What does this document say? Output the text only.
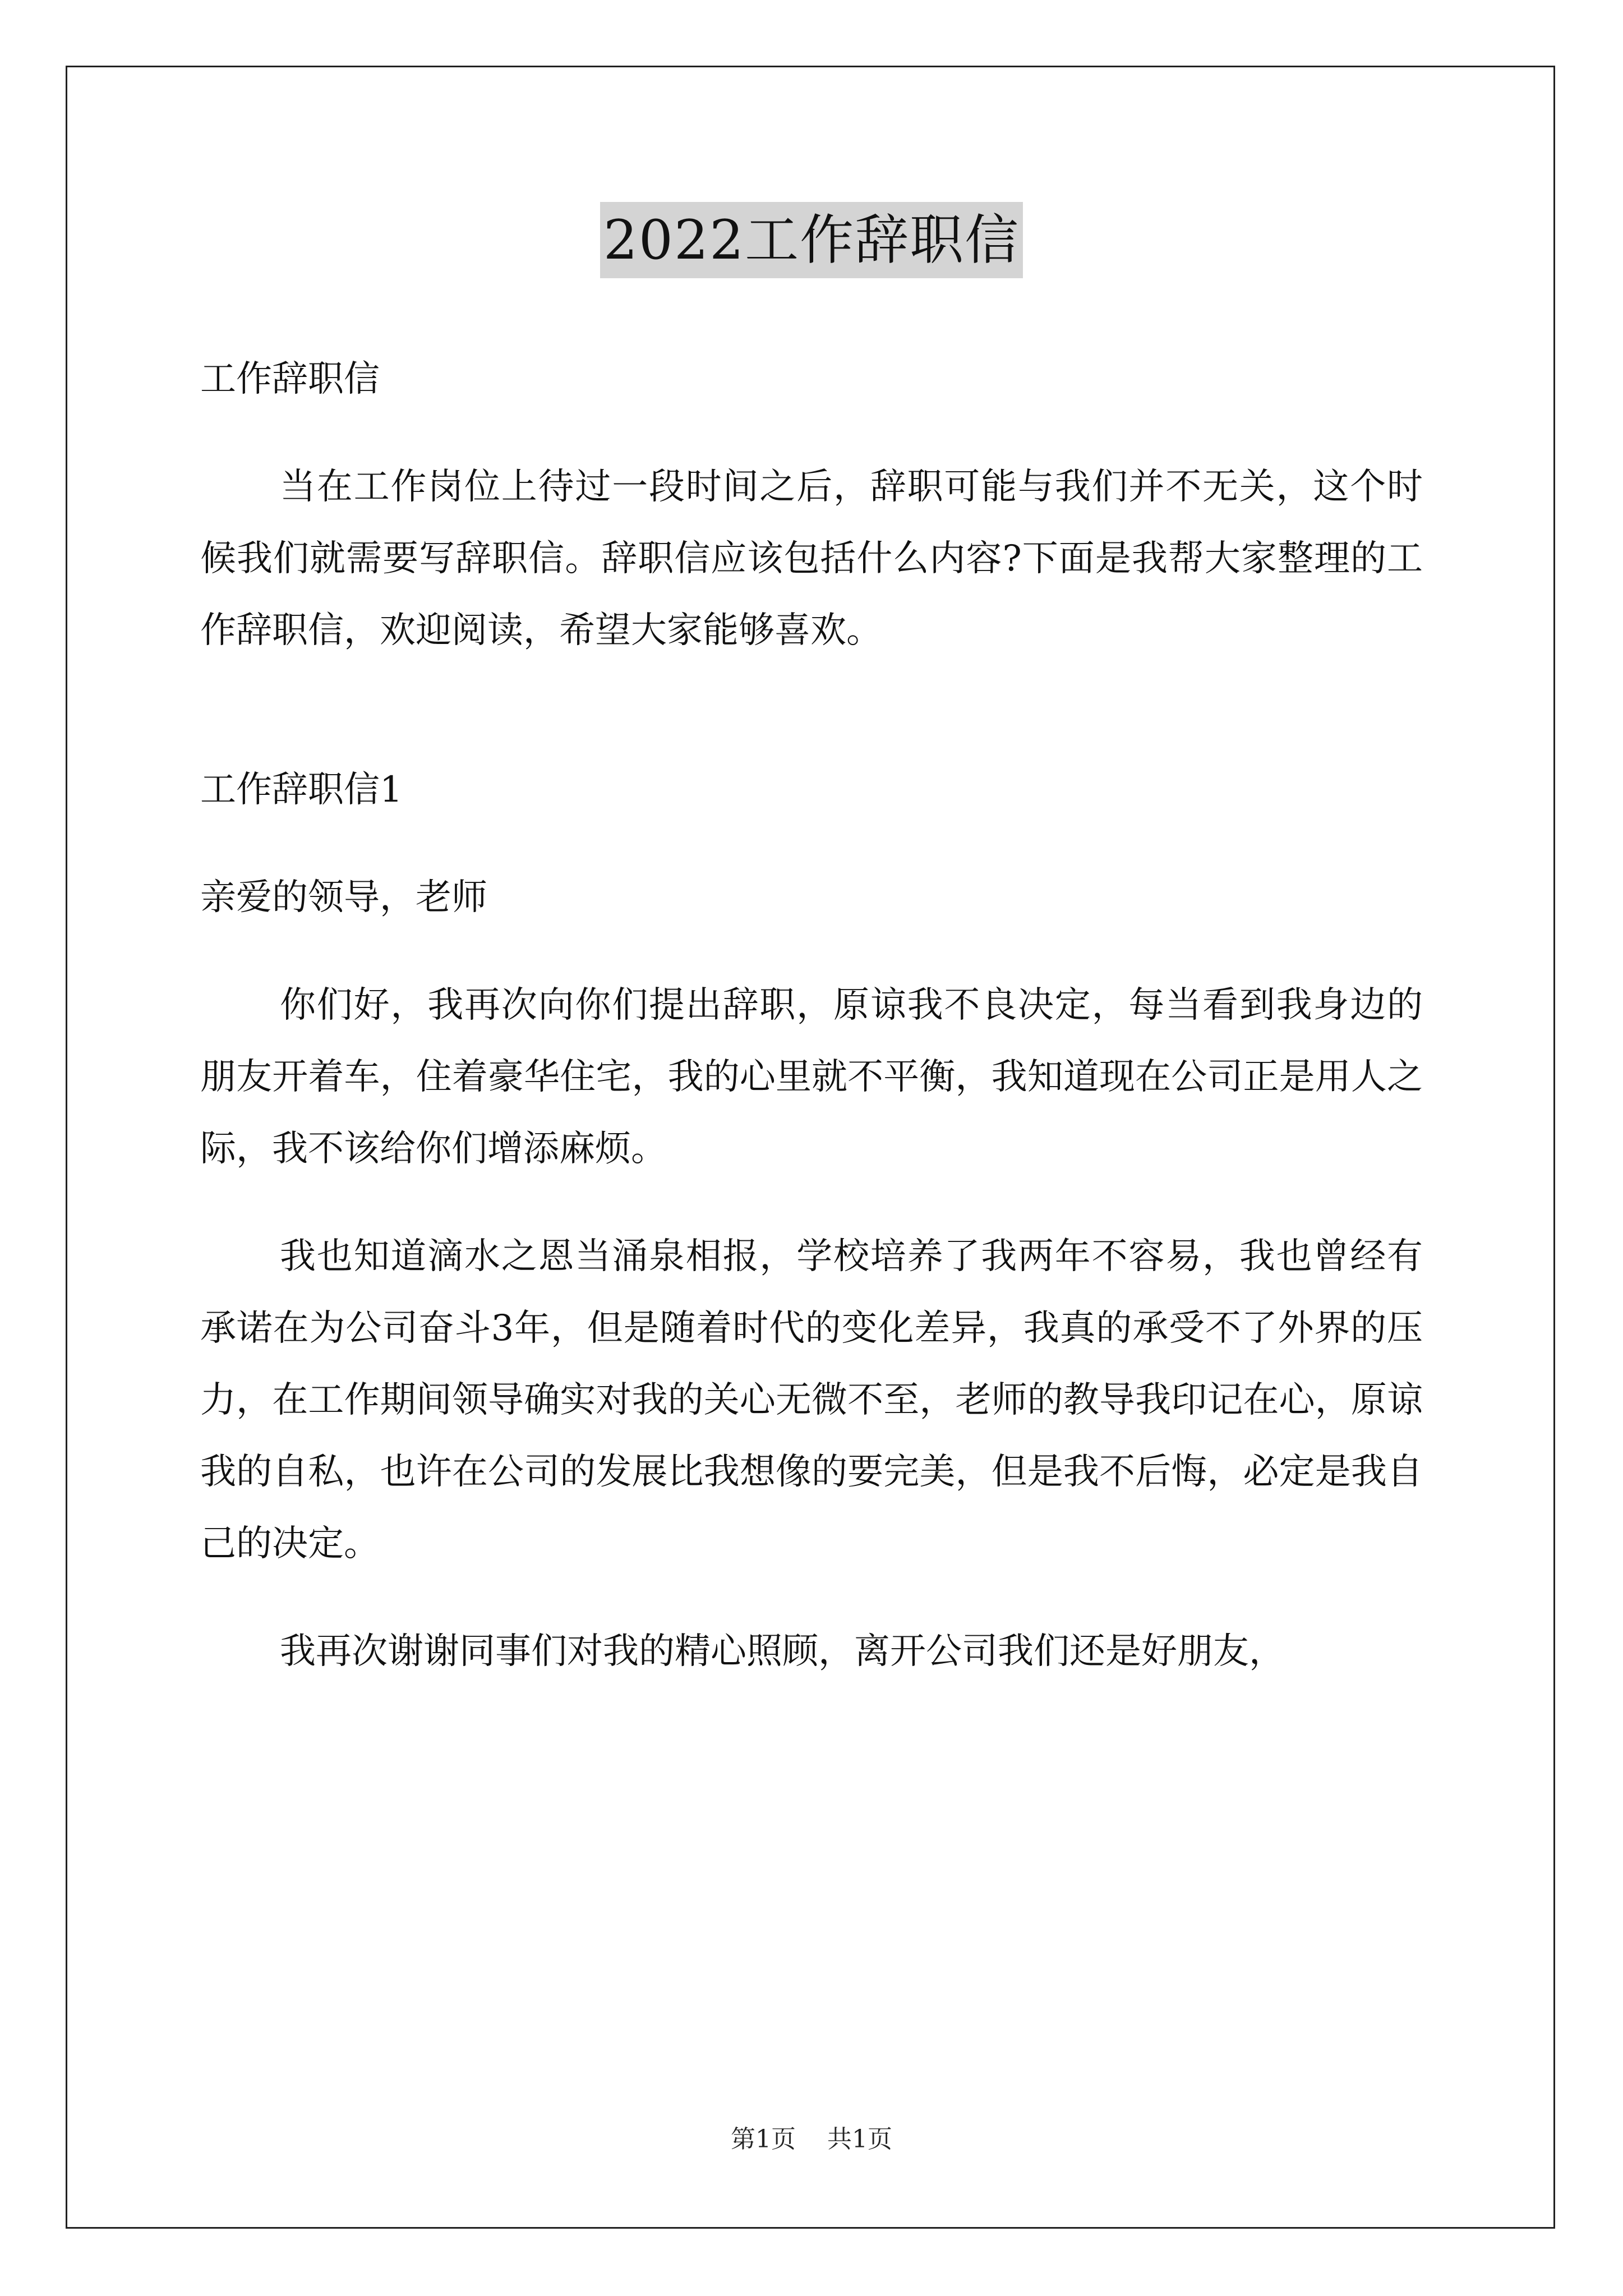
2022工作辞职信

工作辞职信

当在工作岗位上待过一段时间之后，辞职可能与我们并不无关，这个时候我们就需要写辞职信。辞职信应该包括什么内容?下面是我帮大家整理的工作辞职信，欢迎阅读，希望大家能够喜欢。

工作辞职信1

亲爱的领导，老师

你们好，我再次向你们提出辞职，原谅我不良决定，每当看到我身边的朋友开着车，住着豪华住宅，我的心里就不平衡，我知道现在公司正是用人之际，我不该给你们增添麻烦。

我也知道滴水之恩当涌泉相报，学校培养了我两年不容易，我也曾经有承诺在为公司奋斗3年，但是随着时代的变化差异，我真的承受不了外界的压力，在工作期间领导确实对我的关心无微不至，老师的教导我印记在心，原谅我的自私，也许在公司的发展比我想像的要完美，但是我不后悔，必定是我自己的决定。

我再次谢谢同事们对我的精心照顾，离开公司我们还是好朋友，

第1页 共1页
